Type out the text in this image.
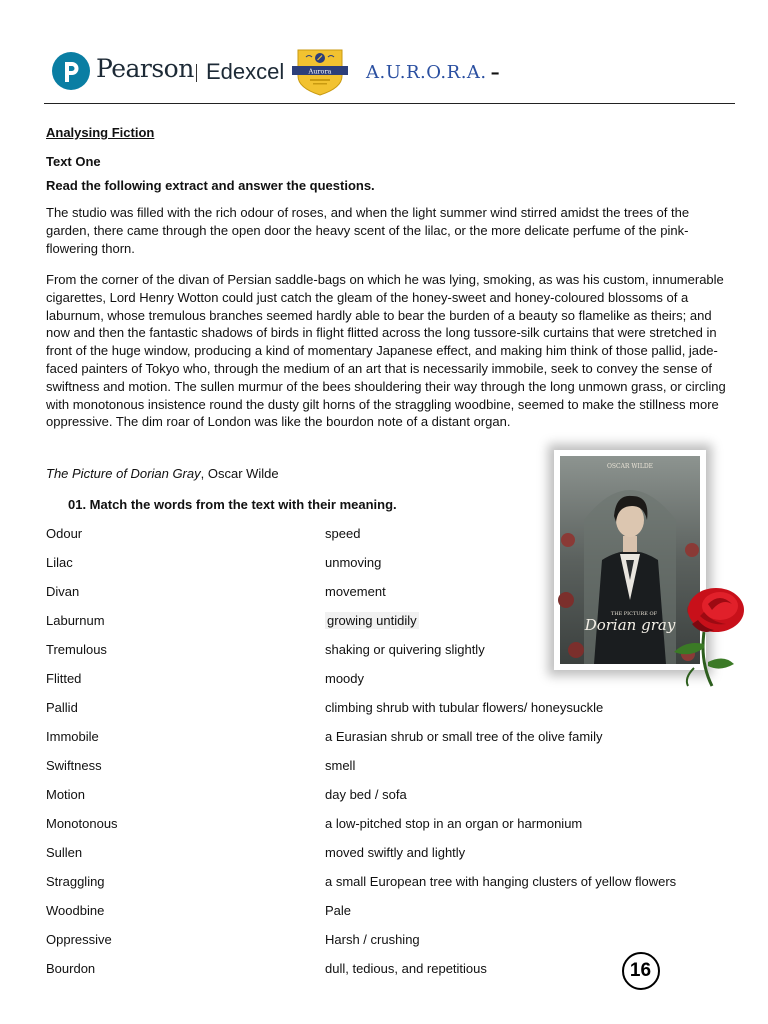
Pearson Edexcel	Aurora A.U.R.O.R.A. –
Analysing Fiction
Text One
Read the following extract and answer the questions.
The studio was filled with the rich odour of roses, and when the light summer wind stirred amidst the trees of the garden, there came through the open door the heavy scent of the lilac, or the more delicate perfume of the pink-flowering thorn.
From the corner of the divan of Persian saddle-bags on which he was lying, smoking, as was his custom, innumerable cigarettes, Lord Henry Wotton could just catch the gleam of the honey-sweet and honey-coloured blossoms of a laburnum, whose tremulous branches seemed hardly able to bear the burden of a beauty so flamelike as theirs; and now and then the fantastic shadows of birds in flight flitted across the long tussore-silk curtains that were stretched in front of the huge window, producing a kind of momentary Japanese effect, and making him think of those pallid, jade-faced painters of Tokyo who, through the medium of an art that is necessarily immobile, seek to convey the sense of swiftness and motion. The sullen murmur of the bees shouldering their way through the long unmown grass, or circling with monotonous insistence round the dusty gilt horns of the straggling woodbine, seemed to make the stillness more oppressive. The dim roar of London was like the bourdon note of a distant organ.
The Picture of Dorian Gray, Oscar Wilde
01. Match the words from the text with their meaning.
Odour
Lilac
Divan
Laburnum
Tremulous
Flitted
Pallid
Immobile
Swiftness
Motion
Monotonous
Sullen
Straggling
Woodbine
Oppressive
Bourdon
speed
unmoving
movement
growing untidily
shaking or quivering slightly
moody
climbing shrub with tubular flowers/ honeysuckle
a Eurasian shrub or small tree of the olive family
smell
day bed / sofa
a low-pitched stop in an organ or harmonium
moved swiftly and lightly
a small European tree with hanging clusters of yellow flowers
Pale
Harsh / crushing
dull, tedious, and repetitious
OSCAR WILDE
THE PICTURE OF
Dorian gray
16
